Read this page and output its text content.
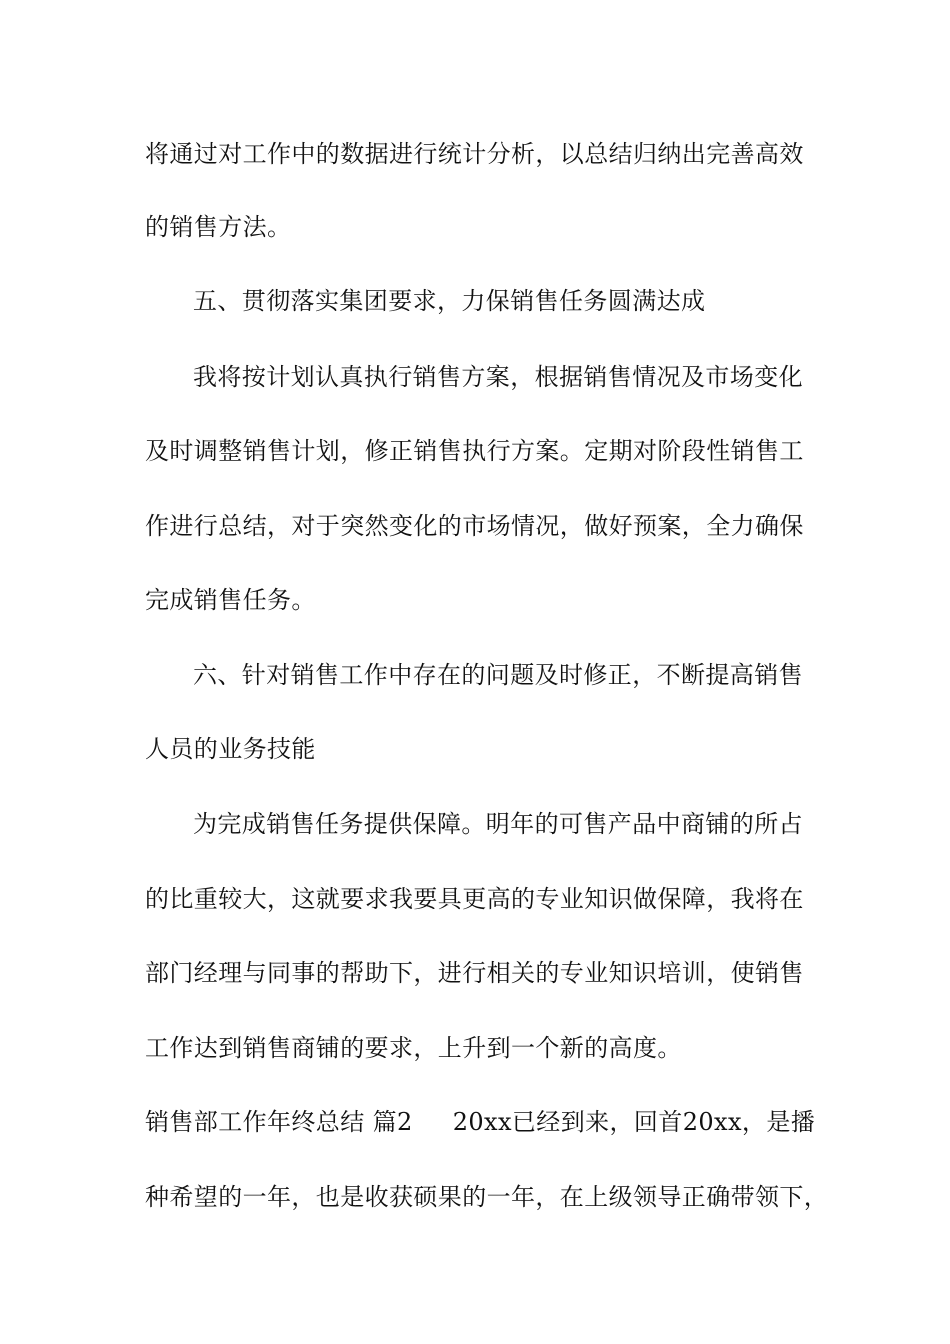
将通过对工作中的数据进行统计分析，以总结归纳出完善高效
的销售方法。
五、贯彻落实集团要求，力保销售任务圆满达成
我将按计划认真执行销售方案，根据销售情况及市场变化
及时调整销售计划，修正销售执行方案。定期对阶段性销售工
作进行总结，对于突然变化的市场情况，做好预案，全力确保
完成销售任务。
六、针对销售工作中存在的问题及时修正，不断提高销售
人员的业务技能
为完成销售任务提供保障。明年的可售产品中商铺的所占
的比重较大，这就要求我要具更高的专业知识做保障，我将在
部门经理与同事的帮助下，进行相关的专业知识培训，使销售
工作达到销售商铺的要求，上升到一个新的高度。
销售部工作年终总结 篇2 20xx已经到来，回首20xx，是播
种希望的一年，也是收获硕果的一年，在上级领导正确带领下，
